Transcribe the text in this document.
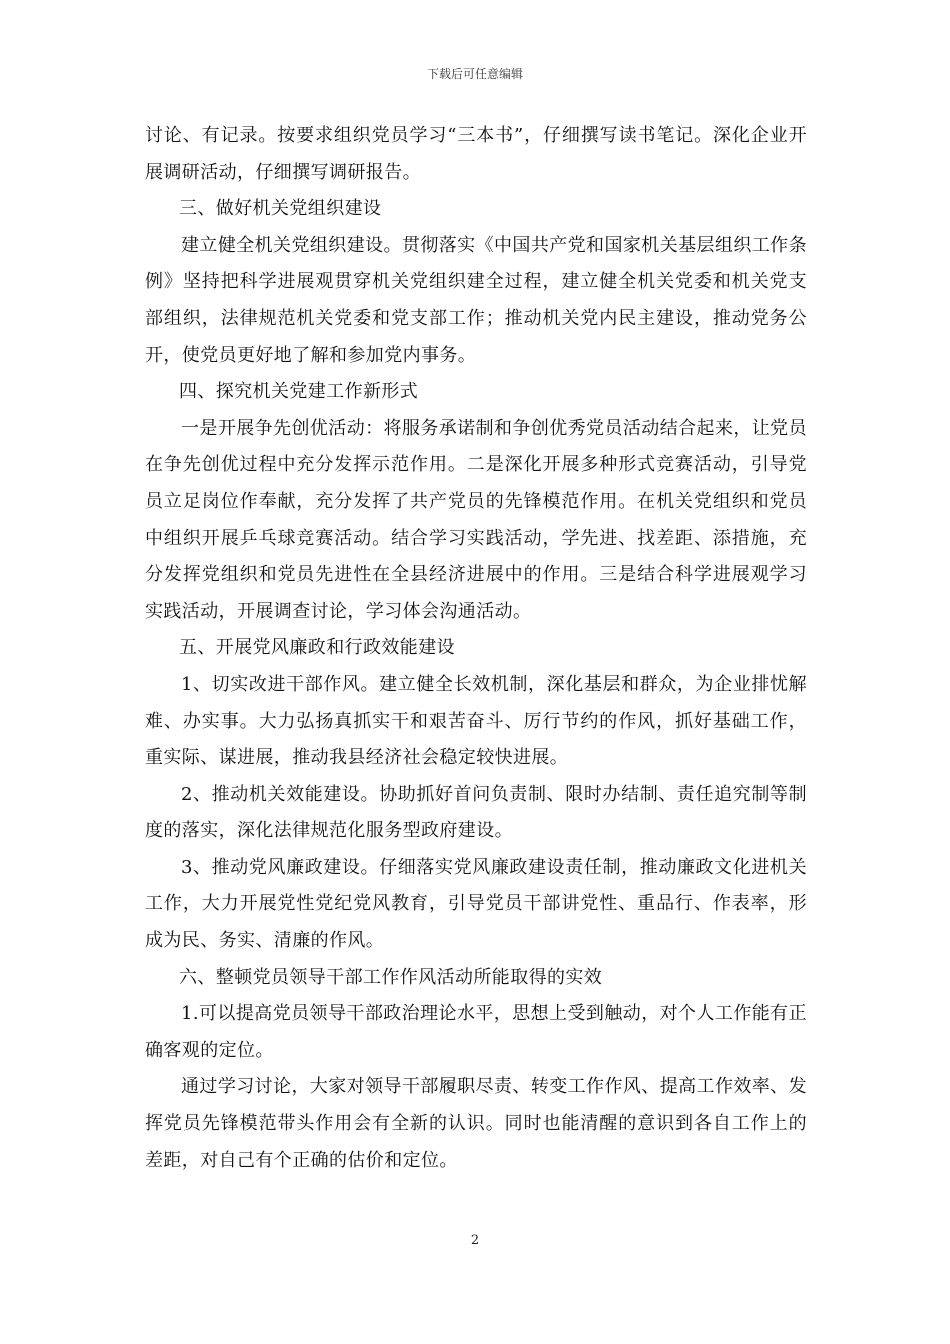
下载后可任意编辑

讨论、有记录。按要求组织党员学习“三本书”，仔细撰写读书笔记。深化企业开展调研活动，仔细撰写调研报告。

三、做好机关党组织建设

建立健全机关党组织建设。贯彻落实《中国共产党和国家机关基层组织工作条例》坚持把科学进展观贯穿机关党组织建全过程，建立健全机关党委和机关党支部组织，法律规范机关党委和党支部工作；推动机关党内民主建设，推动党务公开，使党员更好地了解和参加党内事务。

四、探究机关党建工作新形式

一是开展争先创优活动：将服务承诺制和争创优秀党员活动结合起来，让党员在争先创优过程中充分发挥示范作用。二是深化开展多种形式竞赛活动，引导党员立足岗位作奉献，充分发挥了共产党员的先锋模范作用。在机关党组织和党员中组织开展乒乓球竞赛活动。结合学习实践活动，学先进、找差距、添措施，充分发挥党组织和党员先进性在全县经济进展中的作用。三是结合科学进展观学习实践活动，开展调查讨论，学习体会沟通活动。

五、开展党风廉政和行政效能建设

1、切实改进干部作风。建立健全长效机制，深化基层和群众，为企业排忧解难、办实事。大力弘扬真抓实干和艰苦奋斗、厉行节约的作风，抓好基础工作，重实际、谋进展，推动我县经济社会稳定较快进展。

2、推动机关效能建设。协助抓好首问负责制、限时办结制、责任追究制等制度的落实，深化法律规范化服务型政府建设。

3、推动党风廉政建设。仔细落实党风廉政建设责任制，推动廉政文化进机关工作，大力开展党性党纪党风教育，引导党员干部讲党性、重品行、作表率，形成为民、务实、清廉的作风。

六、整顿党员领导干部工作作风活动所能取得的实效

1.可以提高党员领导干部政治理论水平，思想上受到触动，对个人工作能有正确客观的定位。

通过学习讨论，大家对领导干部履职尽责、转变工作作风、提高工作效率、发挥党员先锋模范带头作用会有全新的认识。同时也能清醒的意识到各自工作上的差距，对自己有个正确的估价和定位。

2
